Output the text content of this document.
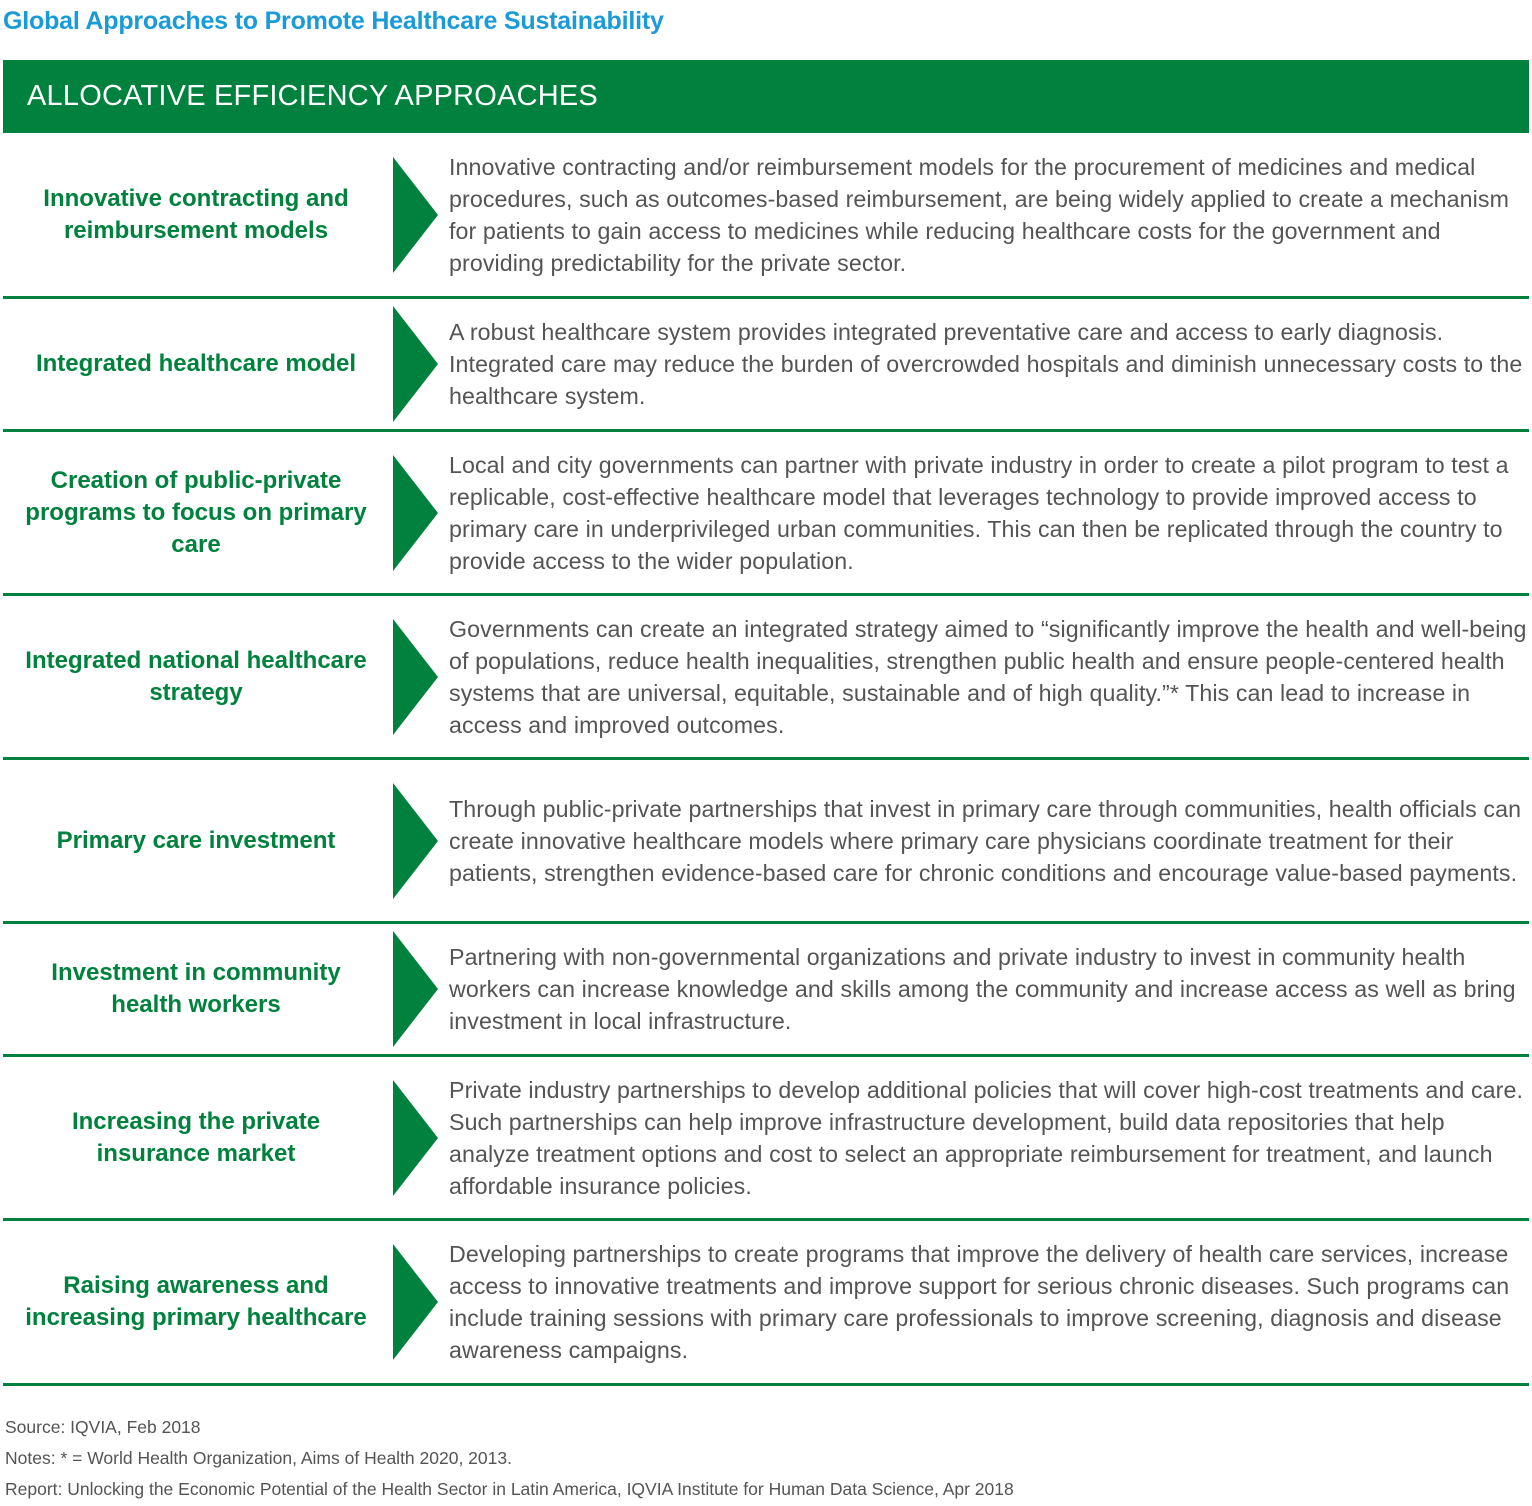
Global Approaches to Promote Healthcare Sustainability
ALLOCATIVE EFFICIENCY APPROACHES
Innovative contracting and reimbursement models
Innovative contracting and/or reimbursement models for the procurement of medicines and medical procedures, such as outcomes-based reimbursement, are being widely applied to create a mechanism for patients to gain access to medicines while reducing healthcare costs for the government and providing predictability for the private sector.
Integrated healthcare model
A robust healthcare system provides integrated preventative care and access to early diagnosis. Integrated care may reduce the burden of overcrowded hospitals and diminish unnecessary costs to the healthcare system.
Creation of public-private programs to focus on primary care
Local and city governments can partner with private industry in order to create a pilot program to test a replicable, cost-effective healthcare model that leverages technology to provide improved access to primary care in underprivileged urban communities. This can then be replicated through the country to provide access to the wider population.
Integrated national healthcare strategy
Governments can create an integrated strategy aimed to “significantly improve the health and well-being of populations, reduce health inequalities, strengthen public health and ensure people-centered health systems that are universal, equitable, sustainable and of high quality.”* This can lead to increase in access and improved outcomes.
Primary care investment
Through public-private partnerships that invest in primary care through communities, health officials can create innovative healthcare models where primary care physicians coordinate treatment for their patients, strengthen evidence-based care for chronic conditions and encourage value-based payments.
Investment in community health workers
Partnering with non-governmental organizations and private industry to invest in community health workers can increase knowledge and skills among the community and increase access as well as bring investment in local infrastructure.
Increasing the private insurance market
Private industry partnerships to develop additional policies that will cover high-cost treatments and care. Such partnerships can help improve infrastructure development, build data repositories that help analyze treatment options and cost to select an appropriate reimbursement for treatment, and launch affordable insurance policies.
Raising awareness and increasing primary healthcare
Developing partnerships to create programs that improve the delivery of health care services, increase access to innovative treatments and improve support for serious chronic diseases. Such programs can include training sessions with primary care professionals to improve screening, diagnosis and disease awareness campaigns.
Source: IQVIA, Feb 2018
Notes: * = World Health Organization, Aims of Health 2020, 2013.
Report: Unlocking the Economic Potential of the Health Sector in Latin America, IQVIA Institute for Human Data Science, Apr 2018
